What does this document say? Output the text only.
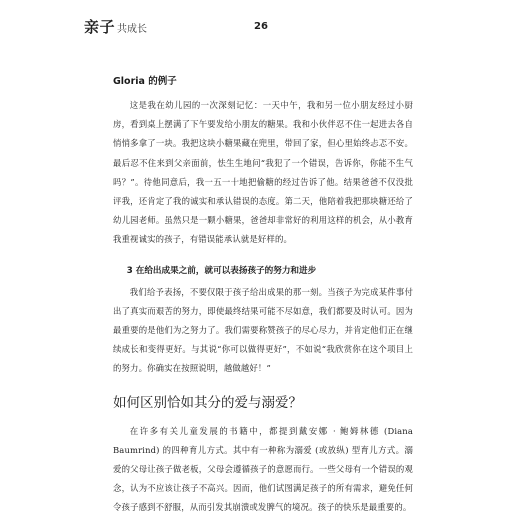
亲子 共成长	26
Gloria 的例子

这是我在幼儿园的一次深刻记忆：一天中午，我和另一位小朋友经过小厨房，看到桌上摆满了下午要发给小朋友的糖果。我和小伙伴忍不住一起进去各自悄悄多拿了一块。我把这块小糖果藏在兜里，带回了家，但心里始终忐忑不安。最后忍不住来到父亲面前，怯生生地问“我犯了一个错误，告诉你，你能不生气吗？”。待他同意后，我一五一十地把偷糖的经过告诉了他。结果爸爸不仅没批评我，还肯定了我的诚实和承认错误的态度。第二天，他陪着我把那块糖还给了幼儿园老师。虽然只是一颗小糖果，爸爸却非常好的利用这样的机会，从小教育我重视诚实的孩子，有错误能承认就是好样的。

3 在给出成果之前，就可以表扬孩子的努力和进步

我们给予表扬，不要仅限于孩子给出成果的那一刻。当孩子为完成某件事付出了真实而艰苦的努力，即使最终结果可能不尽如意，我们都要及时认可。因为最重要的是他们为之努力了。我们需要称赞孩子的尽心尽力，并肯定他们正在继续成长和变得更好。与其说“你可以做得更好”，不如说“我欣赏你在这个项目上的努力。你确实在按照说明，越做越好！”

如何区别恰如其分的爱与溺爱？

在许多有关儿童发展的书籍中，都提到戴安娜 · 鲍姆林德 (Diana Baumrind) 的四种育儿方式。其中有一种称为溺爱 (或放纵) 型育儿方式。溺爱的父母让孩子做老板，父母会遵循孩子的意愿而行。一些父母有一个错误的观念，认为不应该让孩子不高兴。因而，他们试图满足孩子的所有需求，避免任何令孩子感到不舒服，从而引发其崩溃或发脾气的境况。孩子的快乐是最重要的。
